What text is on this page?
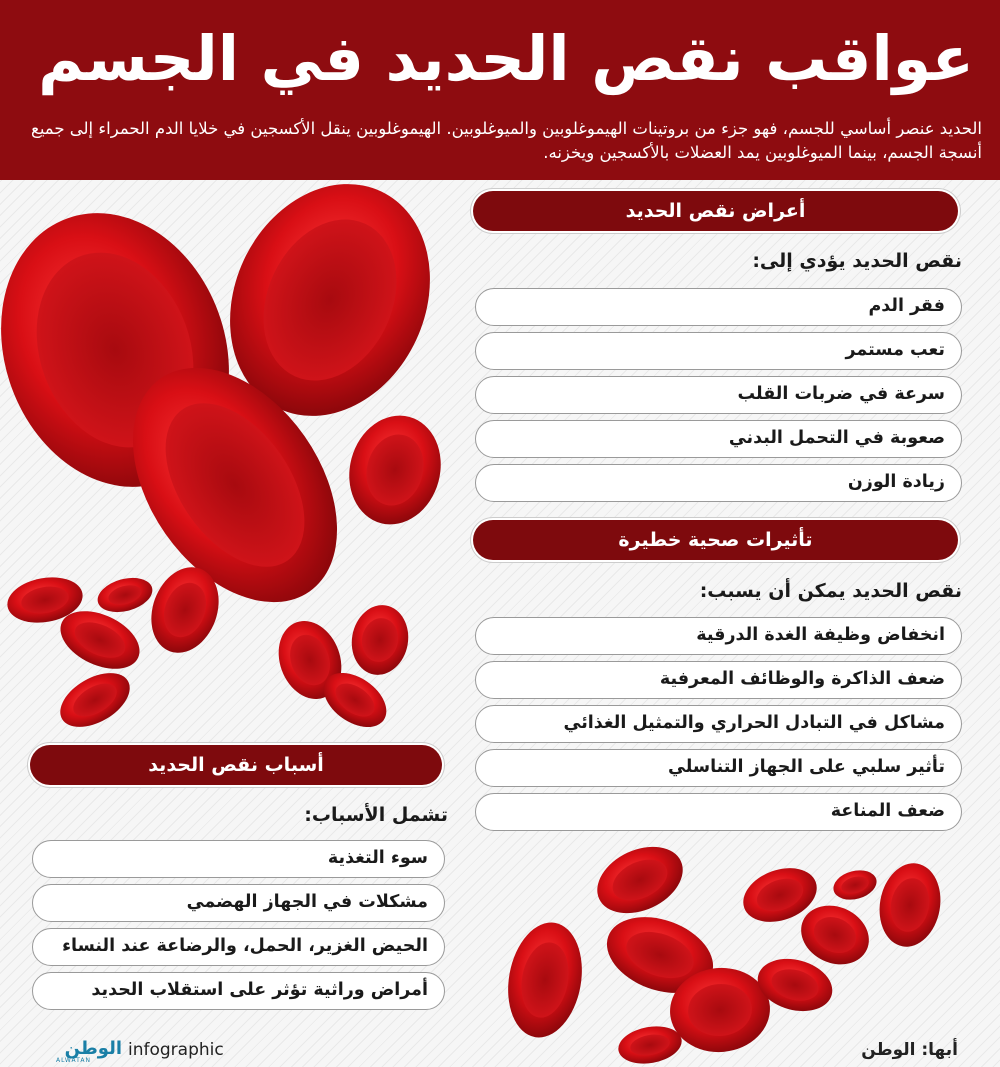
عواقب نقص الحديد في الجسم
الحديد عنصر أساسي للجسم، فهو جزء من بروتينات الهيموغلوبين والميوغلوبين. الهيموغلوبين ينقل الأكسجين في خلايا الدم الحمراء إلى جميع أنسجة الجسم، بينما الميوغلوبين يمد العضلات بالأكسجين ويخزنه.
أعراض نقص الحديد
نقص الحديد يؤدي إلى:
فقر الدم
تعب مستمر
سرعة في ضربات القلب
صعوبة في التحمل البدني
زيادة الوزن
تأثيرات صحية خطيرة
نقص الحديد يمكن أن يسبب:
انخفاض وظيفة الغدة الدرقية
ضعف الذاكرة والوظائف المعرفية
مشاكل في التبادل الحراري والتمثيل الغذائي
تأثير سلبي على الجهاز التناسلي
ضعف المناعة
أسباب نقص الحديد
تشمل الأسباب:
سوء التغذية
مشكلات في الجهاز الهضمي
الحيض الغزير، الحمل، والرضاعة عند النساء
أمراض وراثية تؤثر على استقلاب الحديد
الوطن
ALWATAN
infographic	أبها: الوطن
